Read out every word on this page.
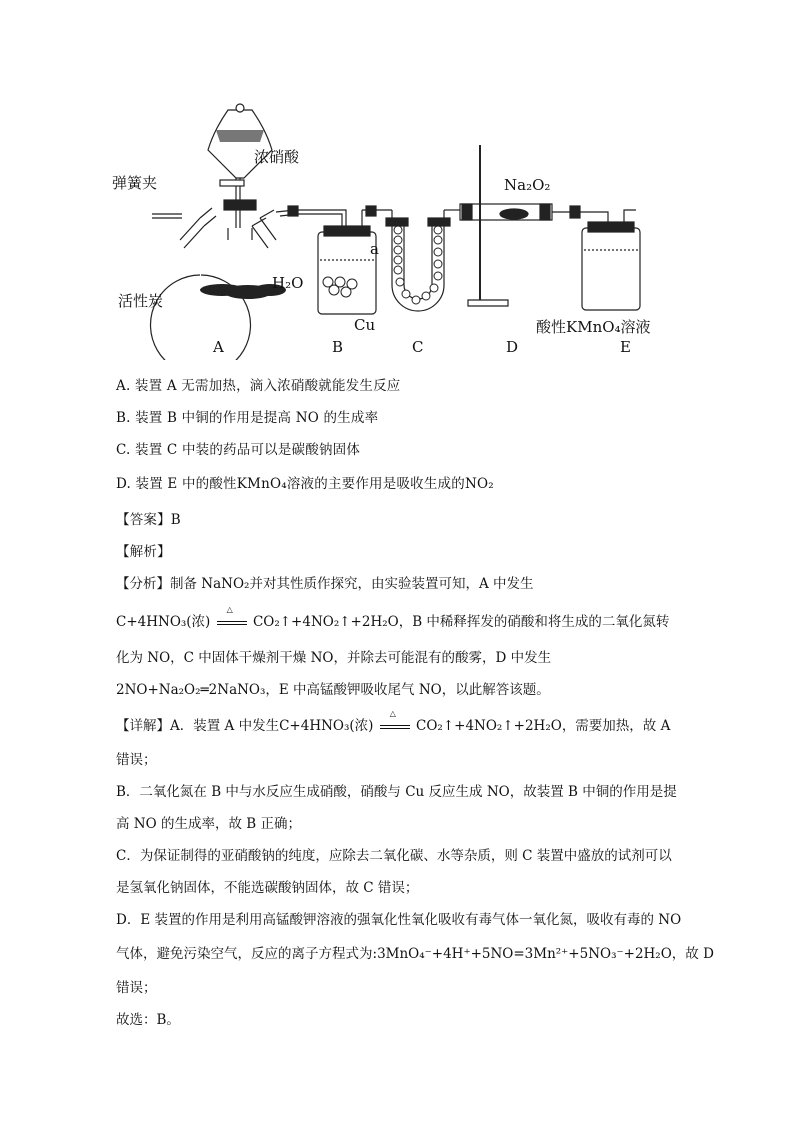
浓硝酸
弹簧夹
H₂O
活性炭
a
Cu
Na₂O₂
酸性KMnO₄溶液
A	B	C	D	E
A. 装置 A 无需加热，滴入浓硝酸就能发生反应
B. 装置 B 中铜的作用是提高 NO 的生成率
C. 装置 C 中装的药品可以是碳酸钠固体
D. 装置 E 中的酸性KMnO₄溶液的主要作用是吸收生成的NO₂
【答案】B
【解析】
【分析】制备 NaNO₂并对其性质作探究，由实验装置可知，A 中发生
C+4HNO₃(浓)
△
CO₂↑+4NO₂↑+2H₂O，B 中稀释挥发的硝酸和将生成的二氧化氮转
化为 NO，C 中固体干燥剂干燥 NO，并除去可能混有的酸雾，D 中发生
2NO+Na₂O₂═2NaNO₃，E 中高锰酸钾吸收尾气 NO，以此解答该题。
【详解】A．装置 A 中发生C+4HNO₃(浓)
△
CO₂↑+4NO₂↑+2H₂O，需要加热，故 A
错误；
B．二氧化氮在 B 中与水反应生成硝酸，硝酸与 Cu 反应生成 NO，故装置 B 中铜的作用是提
高 NO 的生成率，故 B 正确；
C．为保证制得的亚硝酸钠的纯度，应除去二氧化碳、水等杂质，则 C 装置中盛放的试剂可以
是氢氧化钠固体，不能选碳酸钠固体，故 C 错误；
D．E 装置的作用是利用高锰酸钾溶液的强氧化性氧化吸收有毒气体一氧化氮，吸收有毒的 NO
气体，避免污染空气，反应的离子方程式为:3MnO₄⁻+4H⁺+5NO=3Mn²⁺+5NO₃⁻+2H₂O，故 D
错误；
故选：B。
